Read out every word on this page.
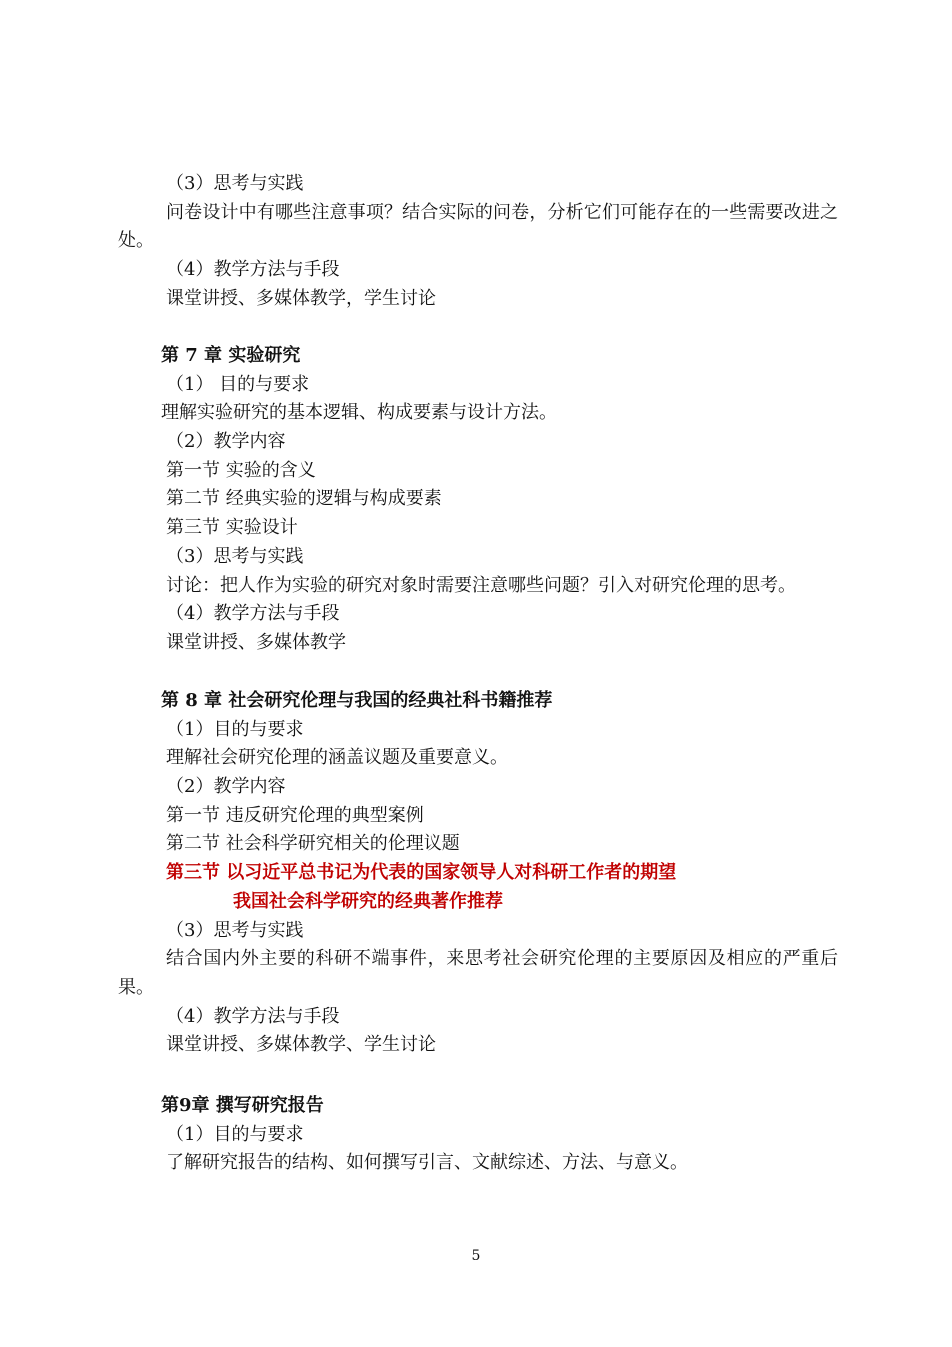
（3）思考与实践
问卷设计中有哪些注意事项？结合实际的问卷，分析它们可能存在的一些需要改进之处。
（4）教学方法与手段
课堂讲授、多媒体教学，学生讨论
第 7 章 实验研究
（1） 目的与要求
理解实验研究的基本逻辑、构成要素与设计方法。
（2）教学内容
第一节 实验的含义
第二节 经典实验的逻辑与构成要素
第三节 实验设计
（3）思考与实践
讨论：把人作为实验的研究对象时需要注意哪些问题？引入对研究伦理的思考。
（4）教学方法与手段
课堂讲授、多媒体教学
第 8 章 社会研究伦理与我国的经典社科书籍推荐
（1）目的与要求
理解社会研究伦理的涵盖议题及重要意义。
（2）教学内容
第一节 违反研究伦理的典型案例
第二节 社会科学研究相关的伦理议题
第三节 以习近平总书记为代表的国家领导人对科研工作者的期望
我国社会科学研究的经典著作推荐
（3）思考与实践
结合国内外主要的科研不端事件，来思考社会研究伦理的主要原因及相应的严重后果。
（4）教学方法与手段
课堂讲授、多媒体教学、学生讨论
第9章 撰写研究报告
（1）目的与要求
了解研究报告的结构、如何撰写引言、文献综述、方法、与意义。
5
